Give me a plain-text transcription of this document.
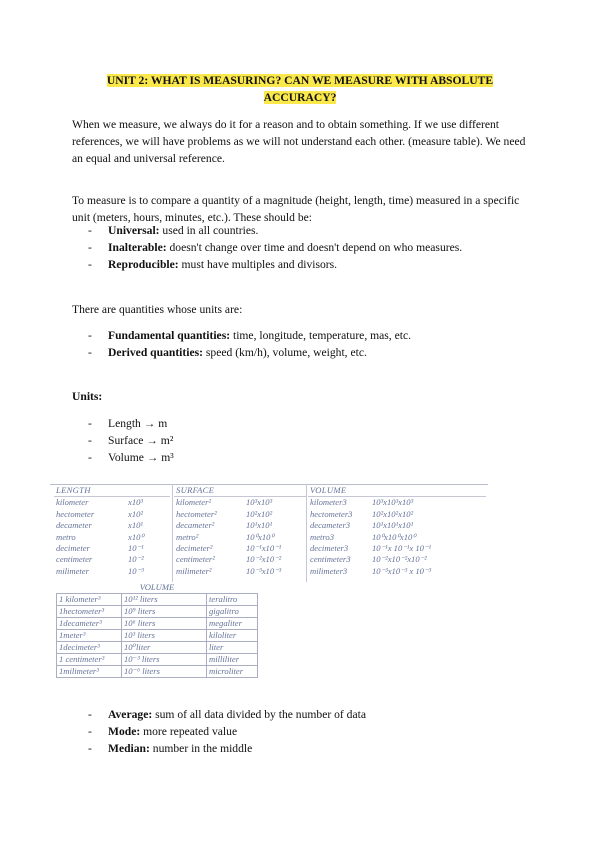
UNIT 2: WHAT IS MEASURING? CAN WE MEASURE WITH ABSOLUTE ACCURACY?

When we measure, we always do it for a reason and to obtain something. If we use different references, we will have problems as we will not understand each other. (measure table). We need an equal and universal reference.

To measure is to compare a quantity of a magnitude (height, length, time) measured in a specific unit (meters, hours, minutes, etc.). These should be:

- Universal: used in all countries.
- Inalterable: doesn't change over time and doesn't depend on who measures.
- Reproducible: must have multiples and divisors.

There are quantities whose units are:

- Fundamental quantities: time, longitude, temperature, mas, etc.
- Derived quantities: speed (km/h), volume, weight, etc.
Units:
- Length → m
- Surface → m²
- Volume → m³
LENGTH	
kilometer	x10³
hectometer	x10²
decameter	x10¹
metro	x10⁰
decimeter	10⁻¹
centimeter	10⁻²
milimeter	10⁻³
SURFACE	
kilometer²	10³x10³
hectometer²	10²x10²
decameter²	10¹x10¹
metro²	10⁰x10⁰
decimeter²	10⁻¹x10⁻¹
centimeter²	10⁻²x10⁻²
milimeter²	10⁻³x10⁻³
VOLUME	
kilometer3	10³x10³x10³
hectometer3	10²x10²x10²
decameter3	10¹x10¹x10¹
metro3	10⁰x10⁰x10⁰
decimeter3	10⁻¹x 10⁻¹x 10⁻¹
centimeter3	10⁻²x10⁻²x10⁻²
milimeter3	10⁻³x10⁻³ x 10⁻³
VOLUME		
1 kilometer³	10¹² liters	teralitro
1hectometer³	10⁹ liters	gigalitro
1decameter³	10⁶ liters	megaliter
1meter³	10³ liters	kiloliter
1decimeter³	10⁰liter	liter
1 centimeter³	10⁻³ liters	milliliter
1milimeter³	10⁻⁶ liters	microliter
- Average: sum of all data divided by the number of data
- Mode: more repeated value
- Median: number in the middle
